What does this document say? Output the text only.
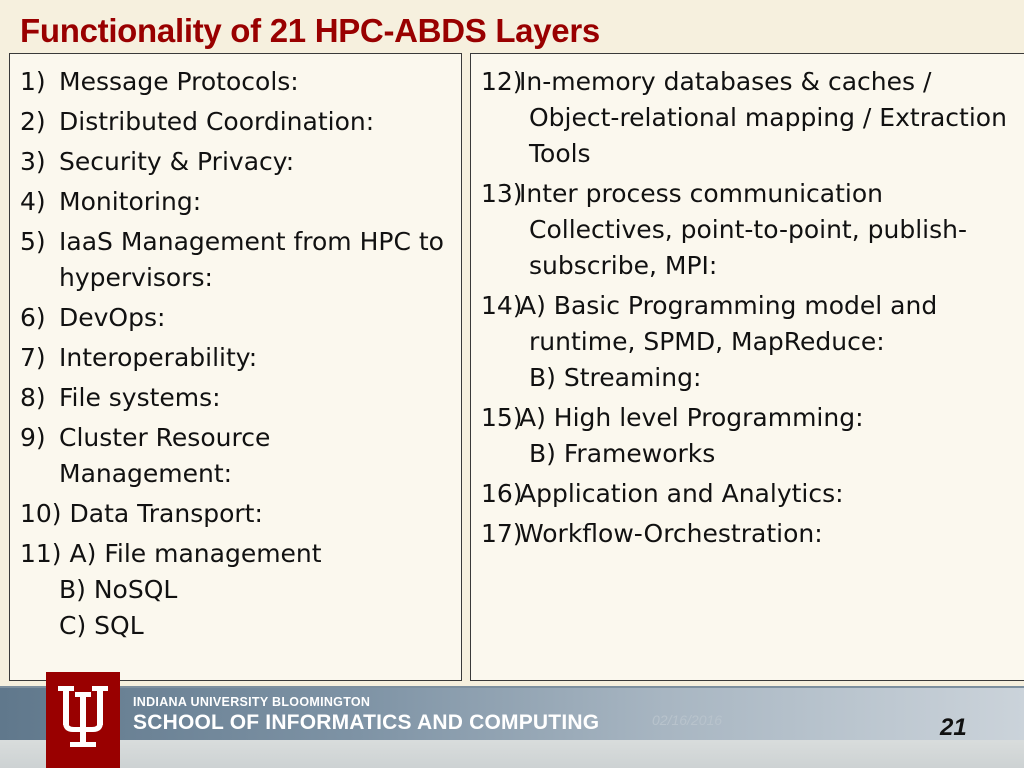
Functionality of 21 HPC-ABDS Layers
1) Message Protocols:
2) Distributed Coordination:
3) Security & Privacy:
4) Monitoring:
5) IaaS Management from HPC to
hypervisors:
6) DevOps:
7) Interoperability:
8) File systems:
9) Cluster Resource
Management:
10) Data Transport:
11) A) File management
B) NoSQL
C) SQL
12)
In-memory databases & caches /
Object-relational mapping / Extraction
Tools
13)
Inter process communication
Collectives, point-to-point, publish-
subscribe, MPI:
14)
A) Basic Programming model and
runtime, SPMD, MapReduce:
B) Streaming:
15)
A) High level Programming:
B) Frameworks
16)
Application and Analytics:
17)
Workflow-Orchestration:
INDIANA UNIVERSITY BLOOMINGTON
SCHOOL OF INFORMATICS AND COMPUTING	02/16/2016	21
